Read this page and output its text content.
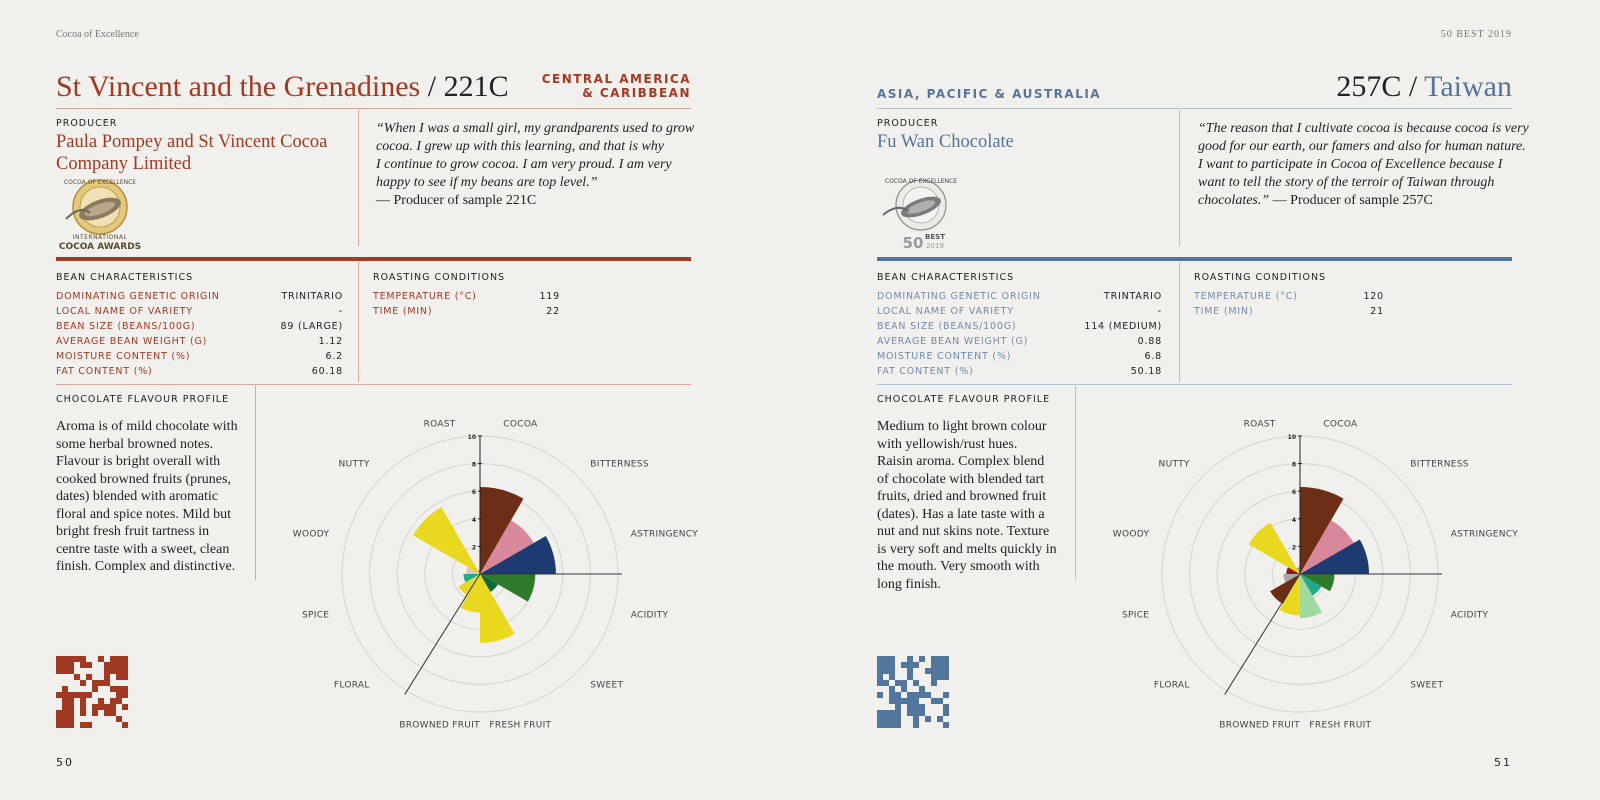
Cocoa of Excellence
St Vincent and the Grenadines / 221C	CENTRAL AMERICA
& CARIBBEAN
PRODUCER
Paula Pompey and St Vincent Cocoa
Company Limited
COCOA OF EXCELLENCE
INTERNATIONAL
COCOA AWARDS
“When I was a small girl, my grandparents used to grow
cocoa. I grew up with this learning, and that is why
I continue to grow cocoa. I am very proud. I am very
happy to see if my beans are top level.”
— Producer of sample 221C
BEAN CHARACTERISTICS
DOMINATING GENETIC ORIGIN	TRINITARIO
LOCAL NAME OF VARIETY	-
BEAN SIZE (BEANS/100G)	89 (LARGE)
AVERAGE BEAN WEIGHT (G)	1.12
MOISTURE CONTENT (%)	6.2
FAT CONTENT (%)	60.18
ROASTING CONDITIONS
TEMPERATURE (°C)	119
TIME (MIN)	22
CHOCOLATE FLAVOUR PROFILE
Aroma is of mild chocolate with
some herbal browned notes.
Flavour is bright overall with
cooked browned fruits (prunes,
dates) blended with aromatic
floral and spice notes. Mild but
bright fresh fruit tartness in
centre taste with a sweet, clean
finish. Complex and distinctive.
2
4
6
8
10
COCOA
BITTERNESS
ASTRINGENCY
ACIDITY
SWEET
FRESH FRUIT
BROWNED FRUIT
FLORAL
SPICE
WOODY
NUTTY
ROAST
50
50 BEST 2019
ASIA, PACIFIC & AUSTRALIA	257C / Taiwan
PRODUCER
Fu Wan Chocolate
COCOA OF EXCELLENCE
50 BEST
2019
“The reason that I cultivate cocoa is because cocoa is very
good for our earth, our famers and also for human nature.
I want to participate in Cocoa of Excellence because I
want to tell the story of the terroir of Taiwan through
chocolates.” — Producer of sample 257C
BEAN CHARACTERISTICS
DOMINATING GENETIC ORIGIN	TRINTARIO
LOCAL NAME OF VARIETY	-
BEAN SIZE (BEANS/100G)	114 (MEDIUM)
AVERAGE BEAN WEIGHT (G)	0.88
MOISTURE CONTENT (%)	6.8
FAT CONTENT (%)	50.18
ROASTING CONDITIONS
TEMPERATURE (°C)	120
TIME (MIN)	21
CHOCOLATE FLAVOUR PROFILE
Medium to light brown colour
with yellowish/rust hues.
Raisin aroma. Complex blend
of chocolate with blended tart
fruits, dried and browned fruit
(dates). Has a late taste with a
nut and nut skins note. Texture
is very soft and melts quickly in
the mouth. Very smooth with
long finish.
2
4
6
8
10
COCOA
BITTERNESS
ASTRINGENCY
ACIDITY
SWEET
FRESH FRUIT
BROWNED FRUIT
FLORAL
SPICE
WOODY
NUTTY
ROAST
51
